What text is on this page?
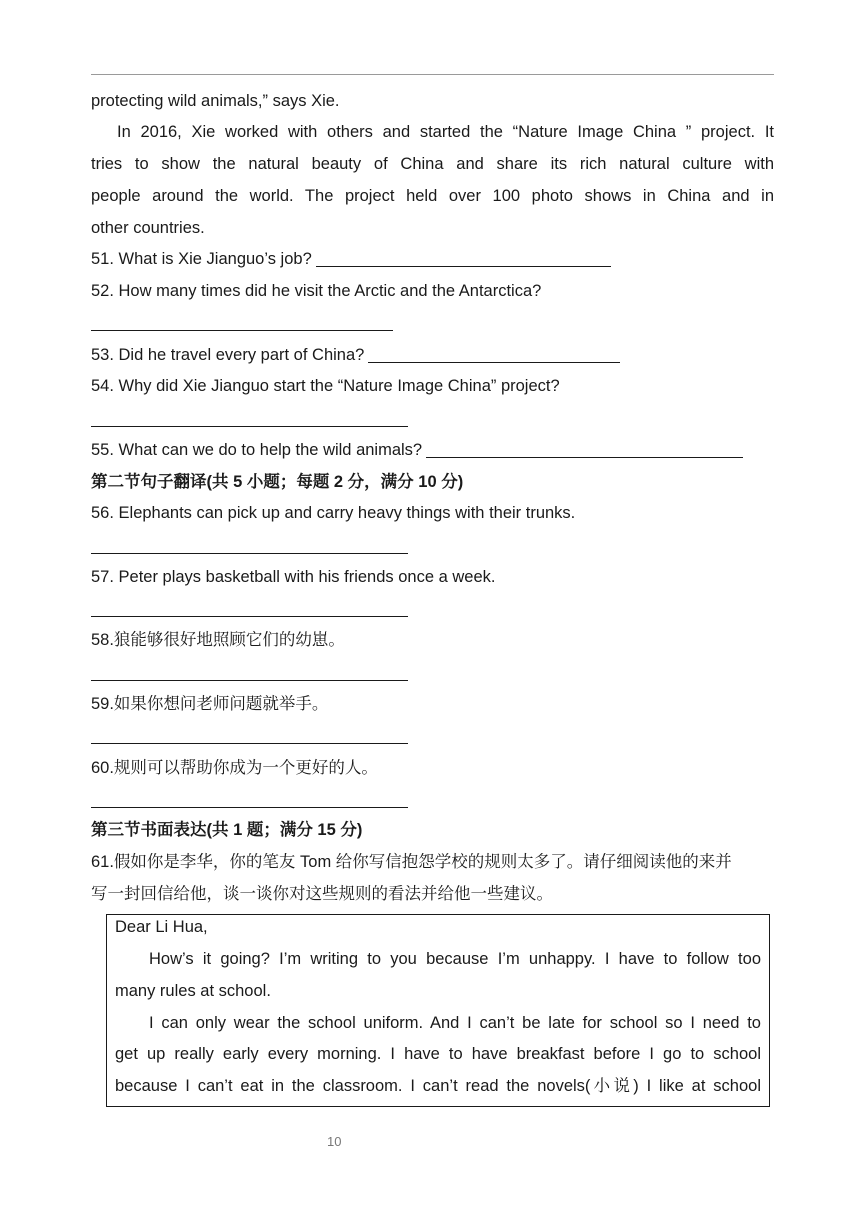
protecting wild animals,” says Xie.
In 2016, Xie worked with others and started the “Nature Image China ” project. It
tries to show the natural beauty of China and share its rich natural culture with
people around the world. The project held over 100 photo shows in China and in
other countries.
51. What is Xie Jianguo’s job?
52. How many times did he visit the Arctic and the Antarctica?
53. Did he travel every part of China?
54. Why did Xie Jianguo start the “Nature Image China” project?
55. What can we do to help the wild animals?
第二节句子翻译(共 5 小题；每题 2 分，满分 10 分)
56. Elephants can pick up and carry heavy things with their trunks.
57. Peter plays basketball with his friends once a week.
58.狼能够很好地照顾它们的幼崽。
59.如果你想问老师问题就举手。
60.规则可以帮助你成为一个更好的人。
第三节书面表达(共 1 题；满分 15 分)
61.假如你是李华，你的笔友 Tom 给你写信抱怨学校的规则太多了。请仔细阅读他的来并
写一封回信给他，谈一谈你对这些规则的看法并给他一些建议。
Dear Li Hua,
How’s it going? I’m writing to you because I’m unhappy. I have to follow too
many rules at school.
I can only wear the school uniform. And I can’t be late for school so I need to
get up really early every morning. I have to have breakfast before I go to school
because I can’t eat in the classroom. I can’t read the novels(小说) I like at school
10
